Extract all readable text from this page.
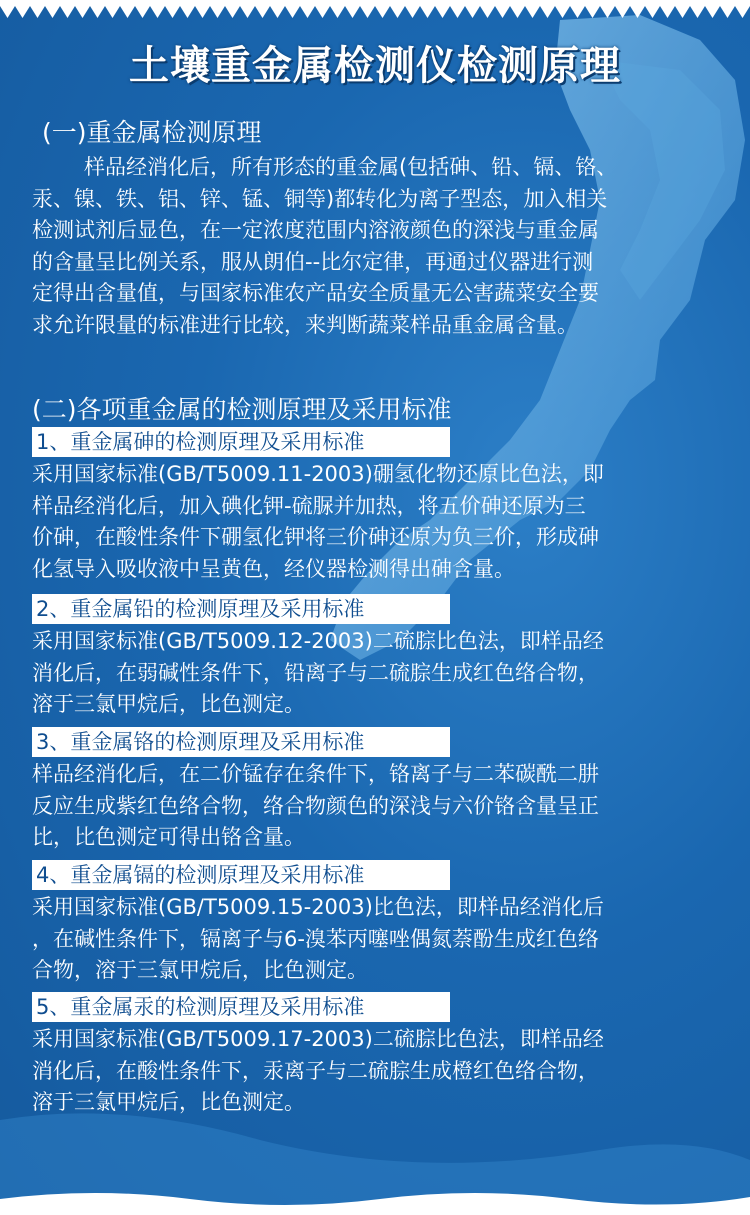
土壤重金属检测仪检测原理
(一)重金属检测原理
样品经消化后，所有形态的重金属(包括砷、铅、镉、铬、
汞、镍、铁、铝、锌、锰、铜等)都转化为离子型态，加入相关
检测试剂后显色，在一定浓度范围内溶液颜色的深浅与重金属
的含量呈比例关系，服从朗伯--比尔定律，再通过仪器进行测
定得出含量值，与国家标准农产品安全质量无公害蔬菜安全要
求允许限量的标准进行比较，来判断蔬菜样品重金属含量。
(二)各项重金属的检测原理及采用标准
1、重金属砷的检测原理及采用标准
采用国家标准(GB/T5009.11-2003)硼氢化物还原比色法，即
样品经消化后，加入碘化钾-硫脲并加热，将五价砷还原为三
价砷，在酸性条件下硼氢化钾将三价砷还原为负三价，形成砷
化氢导入吸收液中呈黄色，经仪器检测得出砷含量。
2、重金属铅的检测原理及采用标准
采用国家标准(GB/T5009.12-2003)二硫腙比色法，即样品经
消化后，在弱碱性条件下，铅离子与二硫腙生成红色络合物，
溶于三氯甲烷后，比色测定。
3、重金属铬的检测原理及采用标准
样品经消化后，在二价锰存在条件下，铬离子与二苯碳酰二肼
反应生成紫红色络合物，络合物颜色的深浅与六价铬含量呈正
比，比色测定可得出铬含量。
4、重金属镉的检测原理及采用标准
采用国家标准(GB/T5009.15-2003)比色法，即样品经消化后
，在碱性条件下，镉离子与6-溴苯丙噻唑偶氮萘酚生成红色络
合物，溶于三氯甲烷后，比色测定。
5、重金属汞的检测原理及采用标准
采用国家标准(GB/T5009.17-2003)二硫腙比色法，即样品经
消化后，在酸性条件下，汞离子与二硫腙生成橙红色络合物，
溶于三氯甲烷后，比色测定。
